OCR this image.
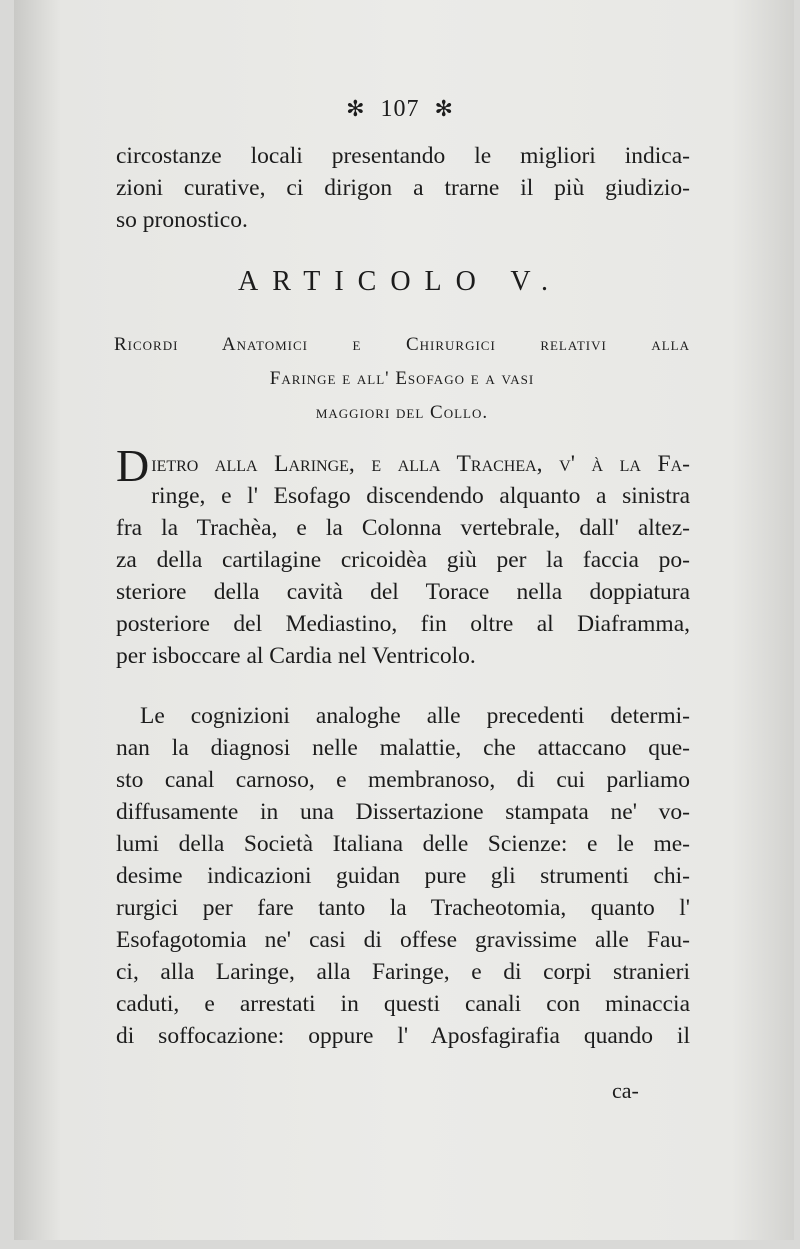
✻ 107 ✻
circostanze locali presentando le migliori indica-
zioni curative, ci dirigon a trarne il più giudizio-
so pronostico.
ARTICOLO V.
Ricordi Anatomici e Chirurgici relativi alla
Faringe e all' Esofago e a vasi
maggiori del Collo.
Dietro alla Laringe, e alla Trachea, v' à la Fa-
ringe, e l' Esofago discendendo alquanto a sinistra
fra la Trachèa, e la Colonna vertebrale, dall' altez-
za della cartilagine cricoidèa giù per la faccia po-
steriore della cavità del Torace nella doppiatura
posteriore del Mediastino, fin oltre al Diaframma,
per isboccare al Cardia nel Ventricolo.
Le cognizioni analoghe alle precedenti determi-
nan la diagnosi nelle malattie, che attaccano que-
sto canal carnoso, e membranoso, di cui parliamo
diffusamente in una Dissertazione stampata ne' vo-
lumi della Società Italiana delle Scienze: e le me-
desime indicazioni guidan pure gli strumenti chi-
rurgici per fare tanto la Tracheotomia, quanto l'
Esofagotomia ne' casi di offese gravissime alle Fau-
ci, alla Laringe, alla Faringe, e di corpi stranieri
caduti, e arrestati in questi canali con minaccia
di soffocazione: oppure l' Aposfagirafia quando il
ca-
